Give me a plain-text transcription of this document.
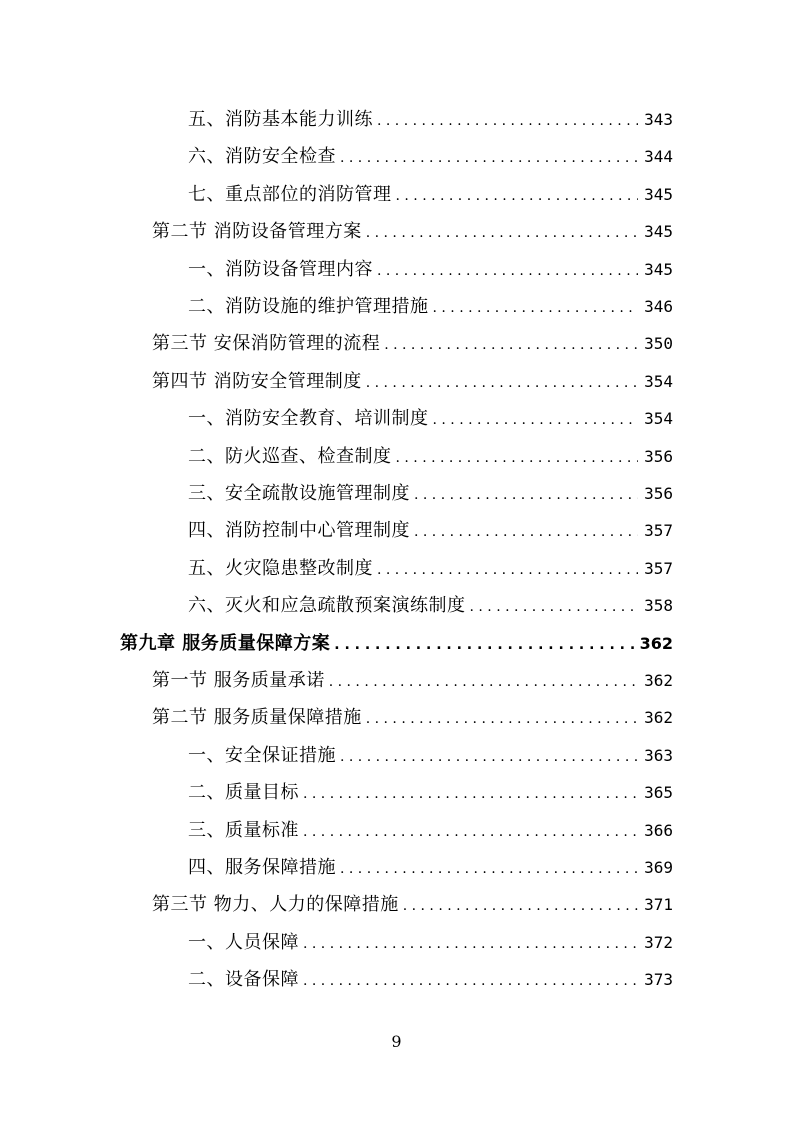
五、消防基本能力训练 . . .	343
六、消防安全检查 . . .	344
七、重点部位的消防管理 . . .	345
第二节 消防设备管理方案 . . .	345
一、消防设备管理内容 . . .	345
二、消防设施的维护管理措施 . . .	346
第三节 安保消防管理的流程 . . .	350
第四节 消防安全管理制度 . . .	354
一、消防安全教育、培训制度 . . .	354
二、防火巡查、检查制度 . . .	356
三、安全疏散设施管理制度 . . .	356
四、消防控制中心管理制度 . . .	357
五、火灾隐患整改制度 . . .	357
六、灭火和应急疏散预案演练制度 . . .	358
第九章 服务质量保障方案 . . .	362
第一节 服务质量承诺 . . .	362
第二节 服务质量保障措施 . . .	362
一、安全保证措施 . . .	363
二、质量目标 . . .	365
三、质量标准 . . .	366
四、服务保障措施 . . .	369
第三节 物力、人力的保障措施 . . .	371
一、人员保障 . . .	372
二、设备保障 . . .	373
9
